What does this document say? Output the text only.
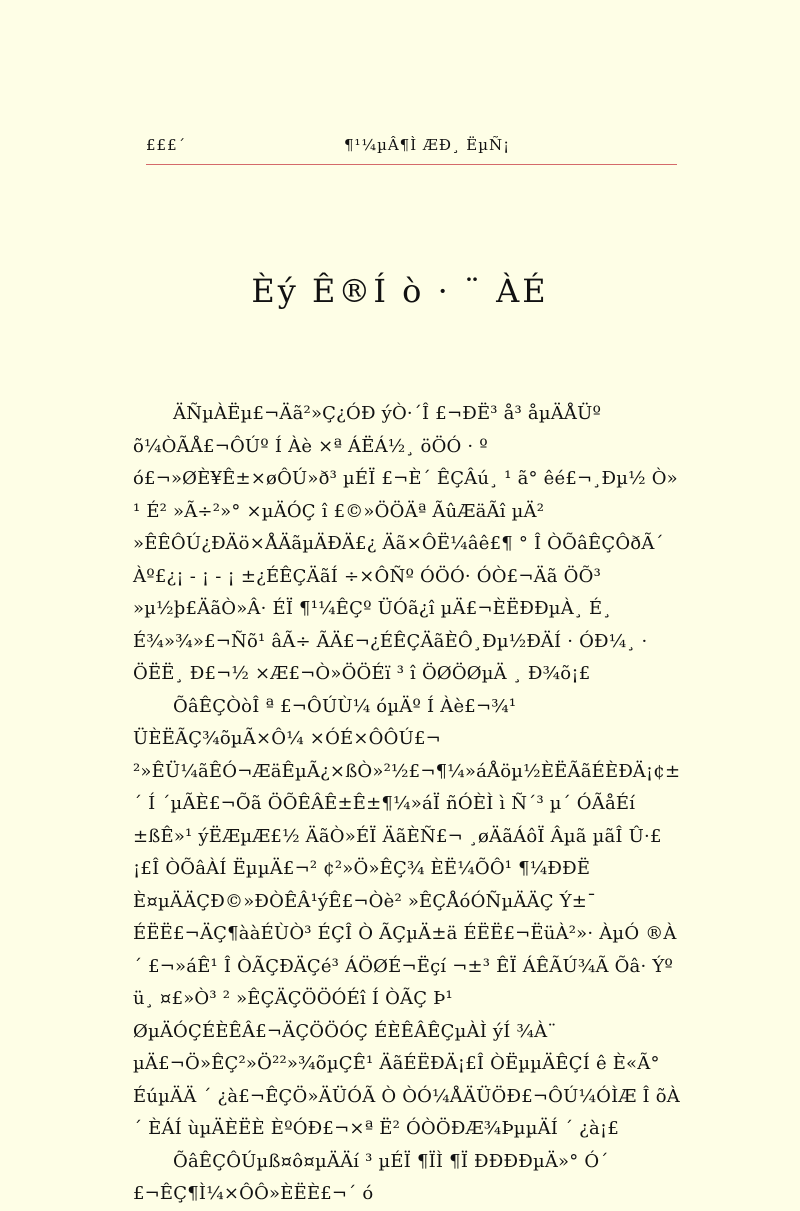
£££´	¶¹¼µÂ¶Ì ÆÐ¸ ËµÑ¡
Èý Ê®Í ò · ¨ ÀÉ

ÄÑµÀËµ£¬Äã²»Ç¿ÓÐ ýÒ·´Î £¬ÐË³ å³ åµÄÅÜº õ¼ÒÃÅ£¬ÔÚº Í Àè ×ª ÁËÁ½¸ öÖÓ · º ó£¬»ØÈ¥Ê±×øÔÚ»ð³ µÉÏ £¬È´ ÊÇÂú¸ ¹ ã° êé£¬¸Ðµ½ Ò» ¹ É² »Ã÷²»° ×µÄÓÇ î £©»ÖÖÄª ÃûÆäÃî µÄ² »ÊÊÔÚ¿ÐÄö×ÅÄãµÄÐÄ£¿ Äã×ÔË¼âê£¶ ° Î ÒÕâÊÇÔðÃ´ Àº£¿¡ - ¡ - ¡ ±¿ÉÊÇÄãÍ ÷×ÔÑº ÓÖÓ· ÓÒ£¬Äã ÖÕ³ »µ½þ£ÄãÒ»Â· ÉÏ ¶¹¼ÊÇº ÜÓã¿î µÄ£¬ÈËÐÐµÀ¸ É¸ É¾»¾»£¬Ñõ¹ âÃ÷ ÃÄ£¬¿ÉÊÇÄãÈÔ¸Ðµ½ÐÄÍ · ÓÐ¼¸ · ÖËË¸ Ð£¬½ ×Æ£¬Ò»ÖÖÉï ³ î ÖØÖØµÄ ¸ Ð¾õ¡£

ÕâÊÇÒòÎ ª £¬ÔÚÙ¼ óµÄº Í Àè£¬¾¹ ÜÈËÃÇ¾õµÃ×Ô¼ ×ÓÉ×ÔÔÚ£¬ ²»ÊÜ¼ãÊÓ¬ÆäÊµÃ¿×ßÒ»²½£¬¶¼»áÅöµ½ÈËÃãÉÈÐÄ¡¢±´ Í ´µÃÈ£¬Õã ÖÕÊÂÊ±Ê±¶¼»áÏ ñÓÈÌ ì Ñ´³ µ´ ÓÃåÉí ±ßÊ»¹ ýËÆµÆ£½ ÄãÒ»ÉÏ ÄãÈÑ£¬ ¸øÄãÁôÏ Âµã µãÎ Û·£¡£Î ÒÕâÀÍ ËµµÄ£¬² ¢²»Ö»ÊÇ¾ ÈË¼ÕÔ¹ ¶¼ÐÐË È¤µÄÄÇÐ©»ÐÒÊÂ¹ýÊ£¬Òè² »ÊÇÅóÓÑµÄÄÇ Ý±¯ ÉËË£¬ÄÇ¶ààÉÙÒ³ ÉÇÎ Ò ÃÇµÄ±ä ÉËË£¬ËüÀ²»· ÀµÓ ®À´ £¬»áÊ¹ Î ÒÃÇÐÄÇé³ ÁÖØÉ¬Ëçí ¬±³ ÊÏ ÁÊÃÚ¾Ã Õâ· Ýº ü¸ ¤£»Ò³ ² »ÊÇÄÇÖÖÓÉî Í ÒÃÇ Þ¹ ØµÄÓÇÉÈÊÂ£¬ÄÇÖÖÓÇ ÉÈÊÂÊÇµÀÌ ýÍ ¾À¨ µÄ£¬Ö»ÊÇ²»Ö²²»¾õµÇÊ¹ ÄãÉËÐÄ¡£Î ÒËµµÄÊÇÍ ê È«Ã° ÉúµÄÄ ´ ¿à£¬ÊÇÖ»ÄÜÓÃ Ò ÒÓ¼ÅÄÜÖÐ£¬ÔÚ¼ÓÌÆ Î õÀ´ ÈÁÍ ùµÄÈËÈ ÈºÓÐ£¬×ª Ë² ÓÒÖÐÆ¾ÞµµÄÍ ´ ¿à¡£

ÕâÊÇÔÚµß¤ô¤µÄÄí ³ µÉÏ ¶ÏÌ ¶Ï ÐÐÐÐµÄ»° Ó´ £¬ÊÇ¶Ì¼×ÔÔ»ÈËÈ£¬´ ó
